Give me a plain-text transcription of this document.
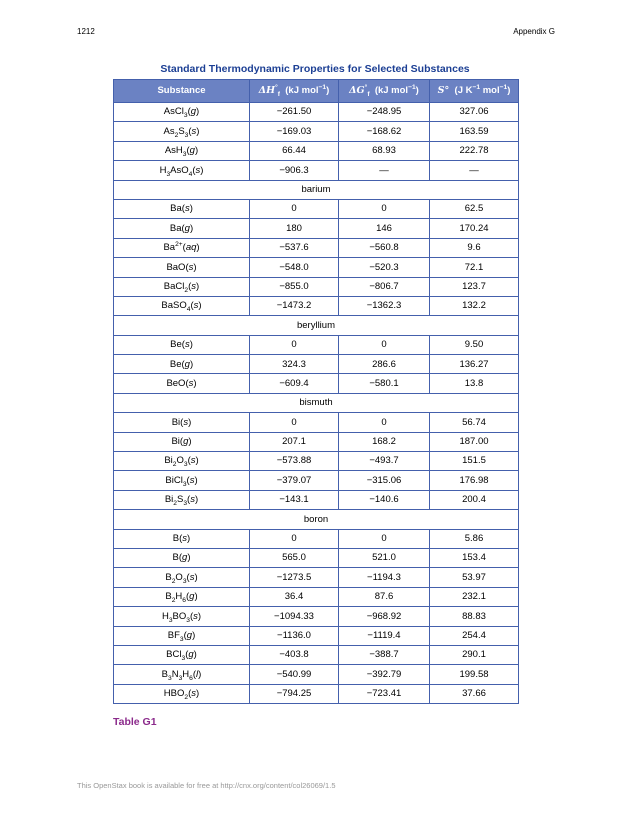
1212	Appendix G
Standard Thermodynamic Properties for Selected Substances
Substance	$\Delta H^\circ_f$ (kJ mol$^{-1}$)	$\Delta G^\circ_f$ (kJ mol$^{-1}$)	S° (J $K^{-1}$ mol$^{-1}$)
AsCl$_3$(g)	−261.50	−248.95	327.06
$As_2S_3(s)$	−169.03	−168.62	163.59
AsH$_3$(g)	66.44	68.93	222.78
$H_3AsO_4(s)$	−906.3	—	—
barium			
Ba(s)	0	0	62.5
Ba(g)	180	146	170.24
$Ba^{2+}(aq)$	−537.6	−560.8	9.6
BaO(s)	−548.0	−520.3	72.1
BaCl$_2$(s)	−855.0	−806.7	123.7
BaSO$_4$(s)	−1473.2	−1362.3	132.2
beryllium			
Be(s)	0	0	9.50
Be(g)	324.3	286.6	136.27
BeO(s)	−609.4	−580.1	13.8
bismuth			
Bi(s)	0	0	56.74
Bi(g)	207.1	168.2	187.00
$Bi_2O_3(s)$	−573.88	−493.7	151.5
BiCl$_3$(s)	−379.07	−315.06	176.98
$Bi_2S_3(s)$	−143.1	−140.6	200.4
boron			
B(s)	0	0	5.86
B(g)	565.0	521.0	153.4
$B_2O_3(s)$	−1273.5	−1194.3	53.97
$B_2H_6(g)$	36.4	87.6	232.1
$H_3BO_3(s)$	−1094.33	−968.92	88.83
$BF_3(g)$	−1136.0	−1119.4	254.4
BCl$_3$(g)	−403.8	−388.7	290.1
$B_3N_3H_6(l)$	−540.99	−392.79	199.58
$HBO_2(s)$	−794.25	−723.41	37.66
Table G1
This OpenStax book is available for free at http://cnx.org/content/col26069/1.5
